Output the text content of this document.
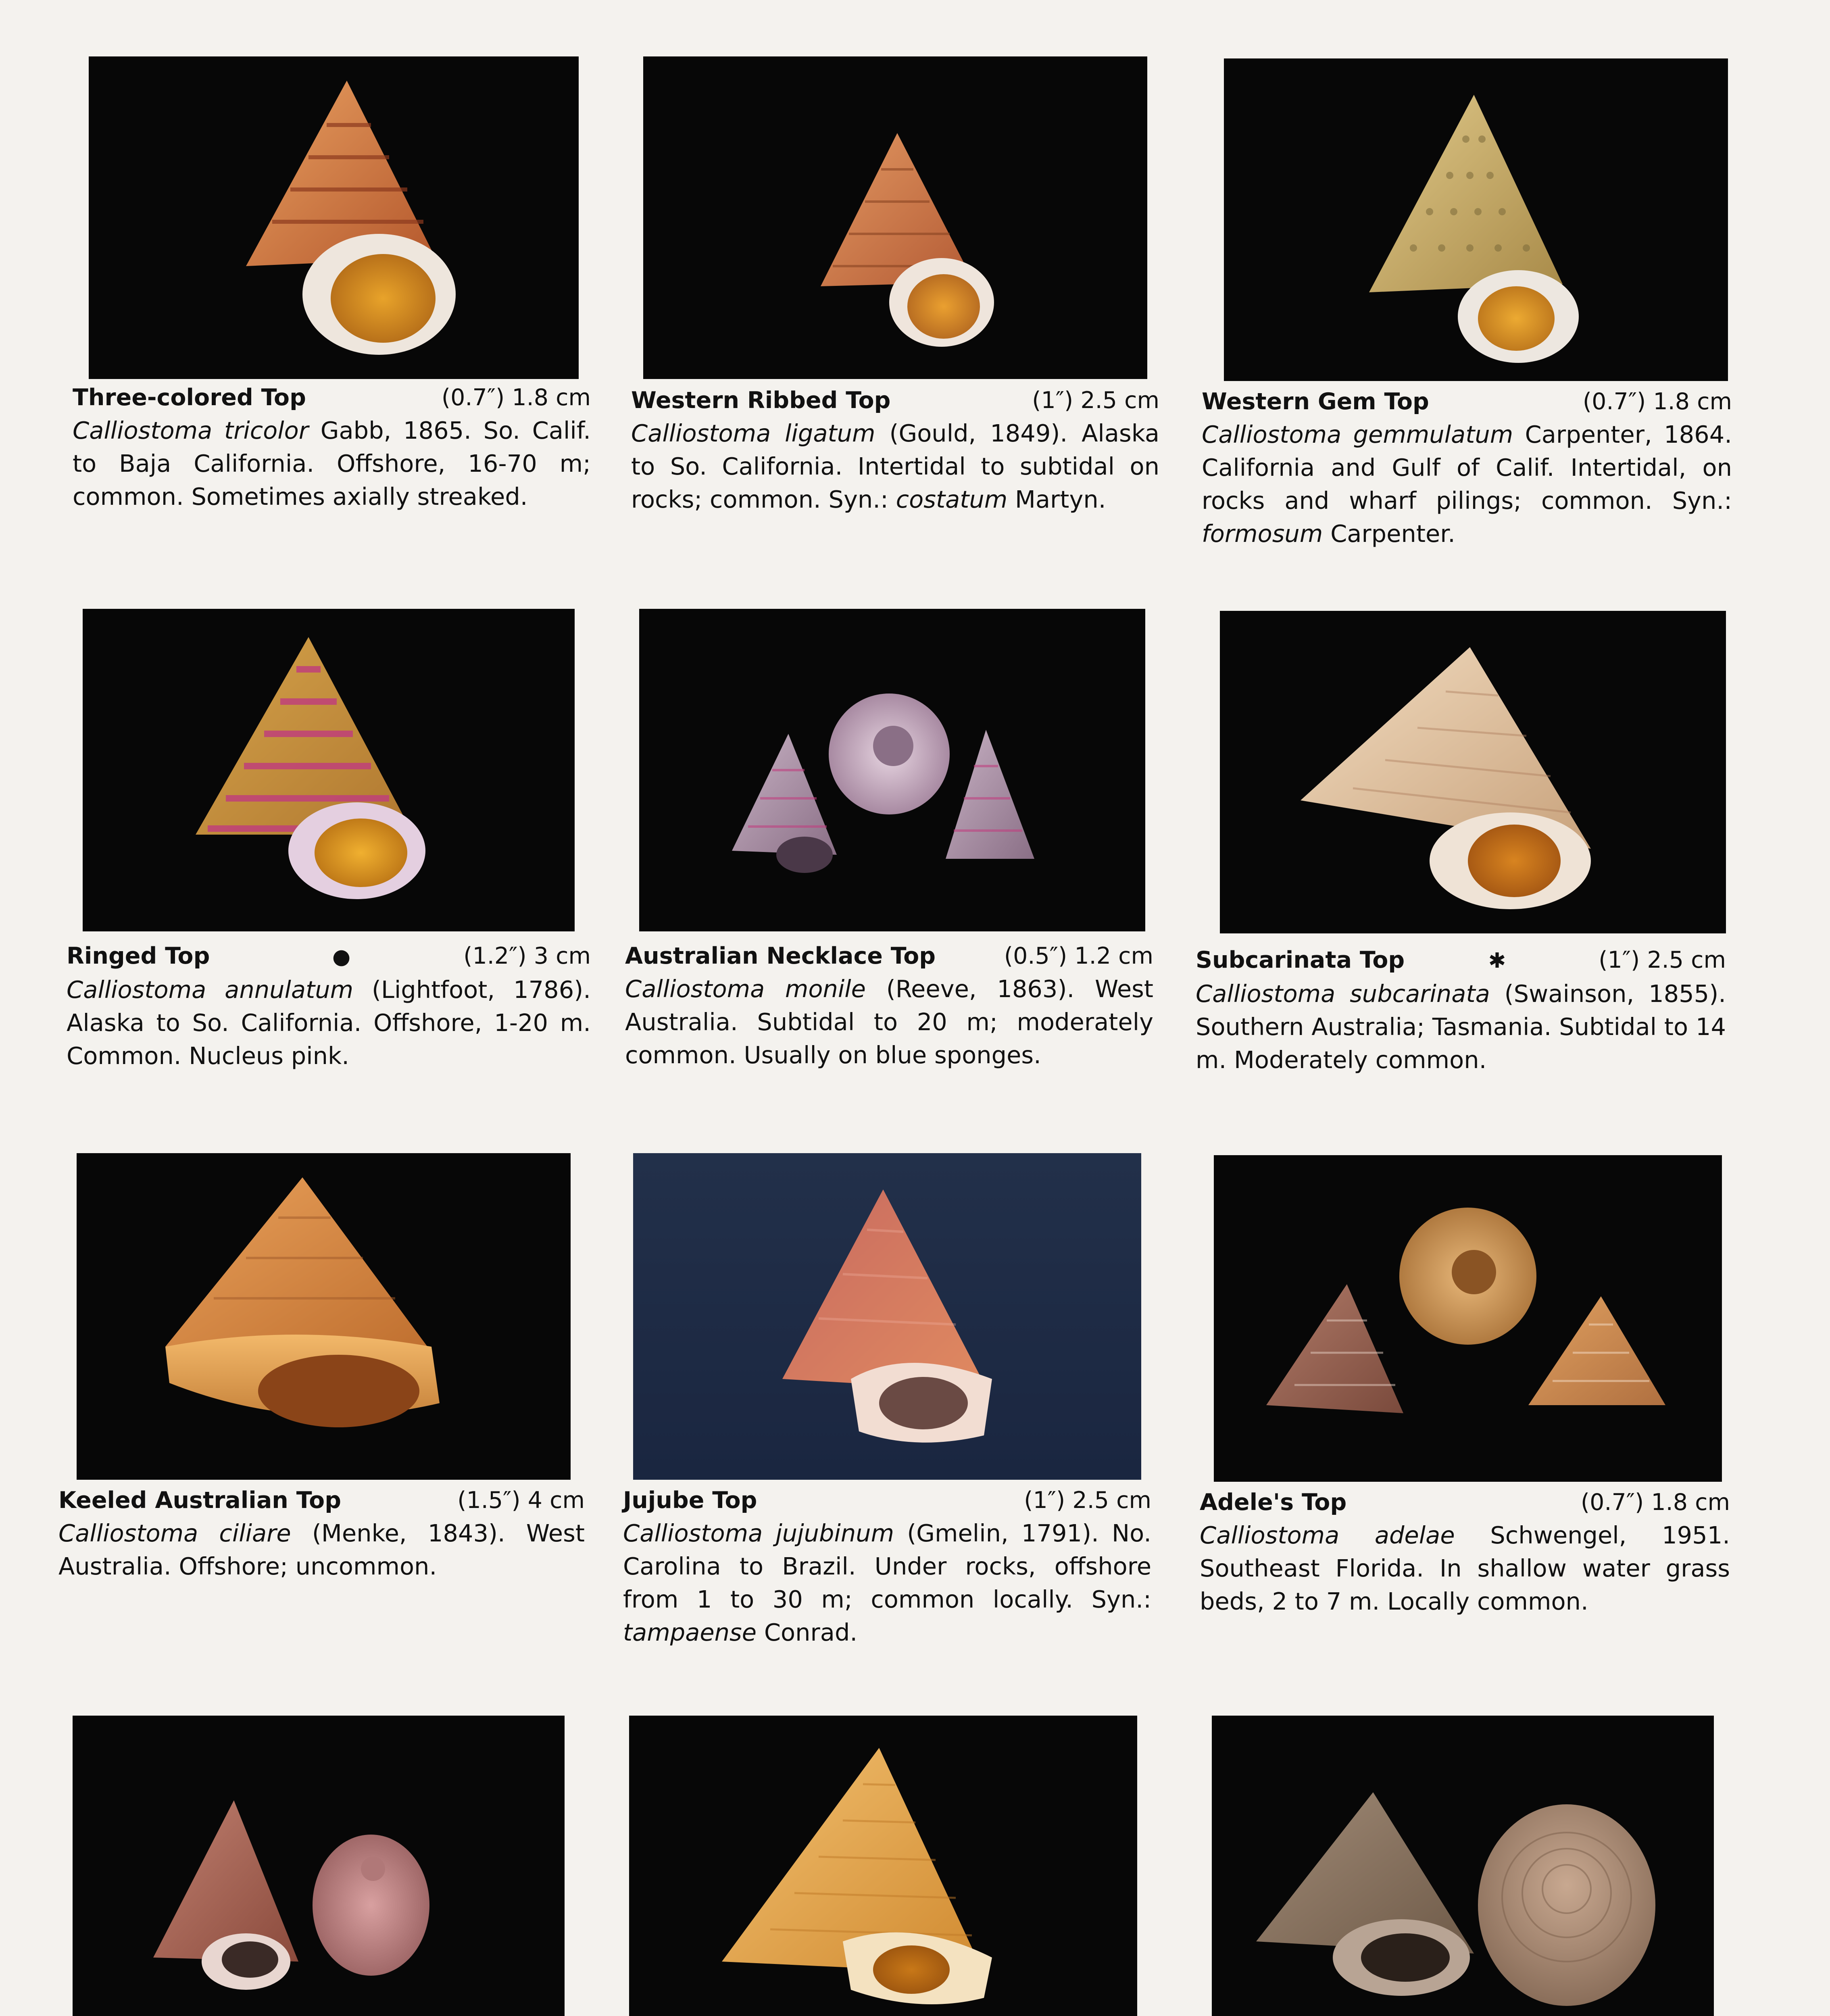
Three-colored Top	(0.7″) 1.8 cm
Calliostoma tricolor Gabb, 1865. So. Calif. to Baja California. Offshore, 16-70 m; common. Sometimes axially streaked.
Western Ribbed Top	(1″) 2.5 cm
Calliostoma ligatum (Gould, 1849). Alaska to So. California. Intertidal to subtidal on rocks; common. Syn.: costatum Martyn.
Western Gem Top	(0.7″) 1.8 cm
Calliostoma gemmulatum Carpenter, 1864. California and Gulf of Calif. Intertidal, on rocks and wharf pilings; common. Syn.: formosum Carpenter.
Ringed Top	●	(1.2″) 3 cm
Calliostoma annulatum (Lightfoot, 1786). Alaska to So. California. Offshore, 1-20 m. Common. Nucleus pink.
Australian Necklace Top	(0.5″) 1.2 cm
Calliostoma monile (Reeve, 1863). West Australia. Subtidal to 20 m; moderately common. Usually on blue sponges.
Subcarinata Top	✱	(1″) 2.5 cm
Calliostoma subcarinata (Swainson, 1855). Southern Australia; Tasmania. Subtidal to 14 m. Moderately common.
Keeled Australian Top	(1.5″) 4 cm
Calliostoma ciliare (Menke, 1843). West Australia. Offshore; uncommon.
Jujube Top	(1″) 2.5 cm
Calliostoma jujubinum (Gmelin, 1791). No. Carolina to Brazil. Under rocks, offshore from 1 to 30 m; common locally. Syn.: tampaense Conrad.
Adele's Top	(0.7″) 1.8 cm
Calliostoma adelae Schwengel, 1951. Southeast Florida. In shallow water grass beds, 2 to 7 m. Locally common.
